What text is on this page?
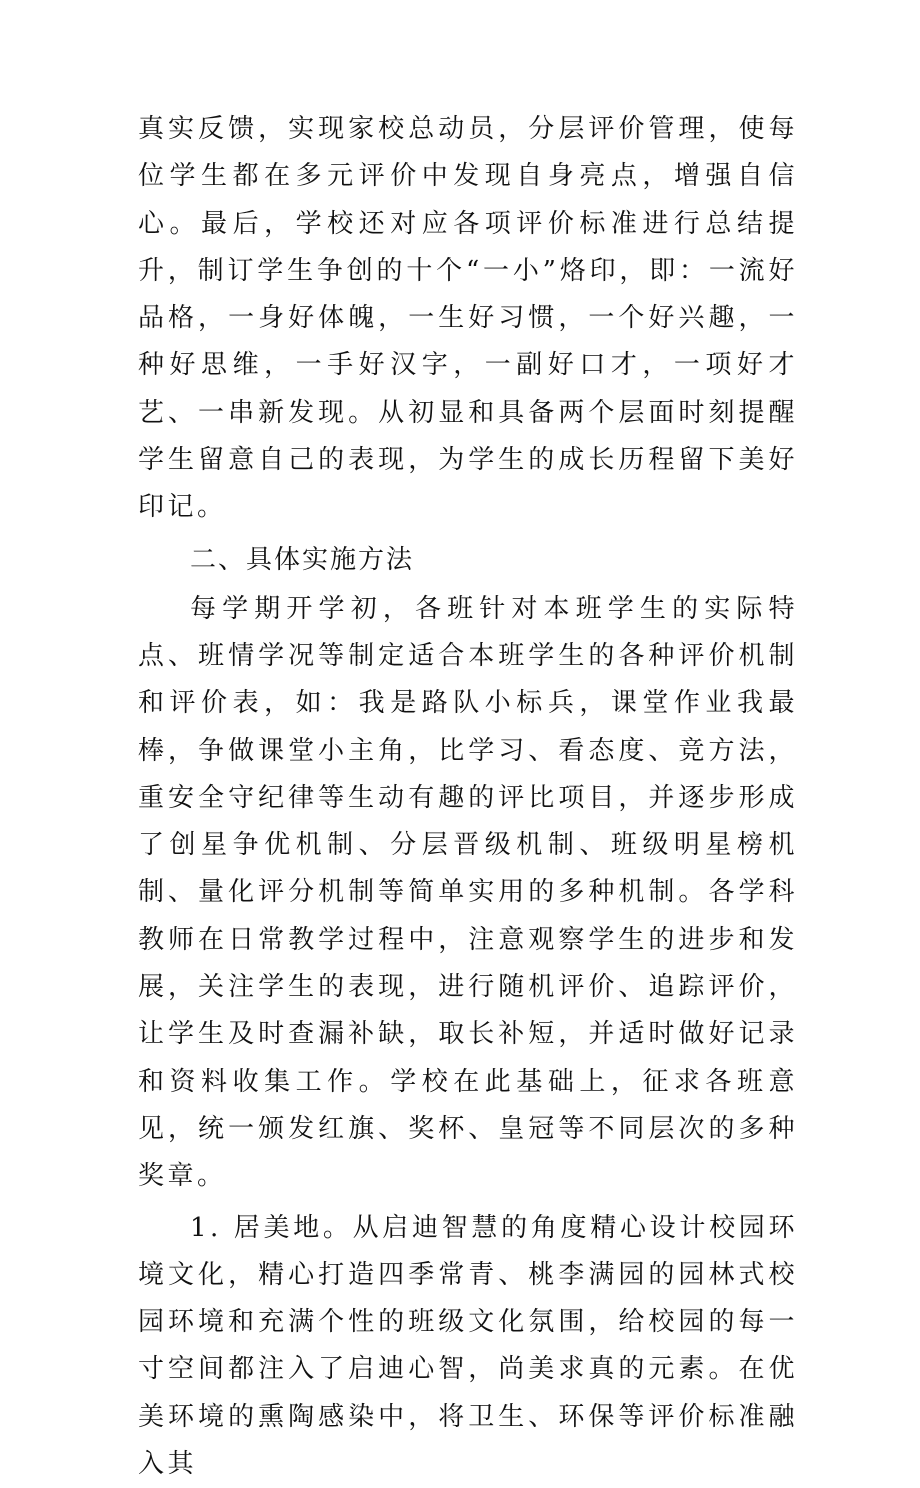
真实反馈，实现家校总动员，分层评价管理，使每位学生都在多元评价中发现自身亮点，增强自信心。最后，学校还对应各项评价标准进行总结提升，制订学生争创的十个“一小”烙印，即：一流好品格，一身好体魄，一生好习惯，一个好兴趣，一种好思维，一手好汉字，一副好口才，一项好才艺、一串新发现。从初显和具备两个层面时刻提醒学生留意自己的表现，为学生的成长历程留下美好印记。

二、具体实施方法

每学期开学初，各班针对本班学生的实际特点、班情学况等制定适合本班学生的各种评价机制和评价表，如：我是路队小标兵，课堂作业我最棒，争做课堂小主角，比学习、看态度、竞方法，重安全守纪律等生动有趣的评比项目，并逐步形成了创星争优机制、分层晋级机制、班级明星榜机制、量化评分机制等简单实用的多种机制。各学科教师在日常教学过程中，注意观察学生的进步和发展，关注学生的表现，进行随机评价、追踪评价，让学生及时查漏补缺，取长补短，并适时做好记录和资料收集工作。学校在此基础上，征求各班意见，统一颁发红旗、奖杯、皇冠等不同层次的多种奖章。

1. 居美地。从启迪智慧的角度精心设计校园环境文化，精心打造四季常青、桃李满园的园林式校园环境和充满个性的班级文化氛围，给校园的每一寸空间都注入了启迪心智，尚美求真的元素。在优美环境的熏陶感染中，将卫生、环保等评价标准融入其
